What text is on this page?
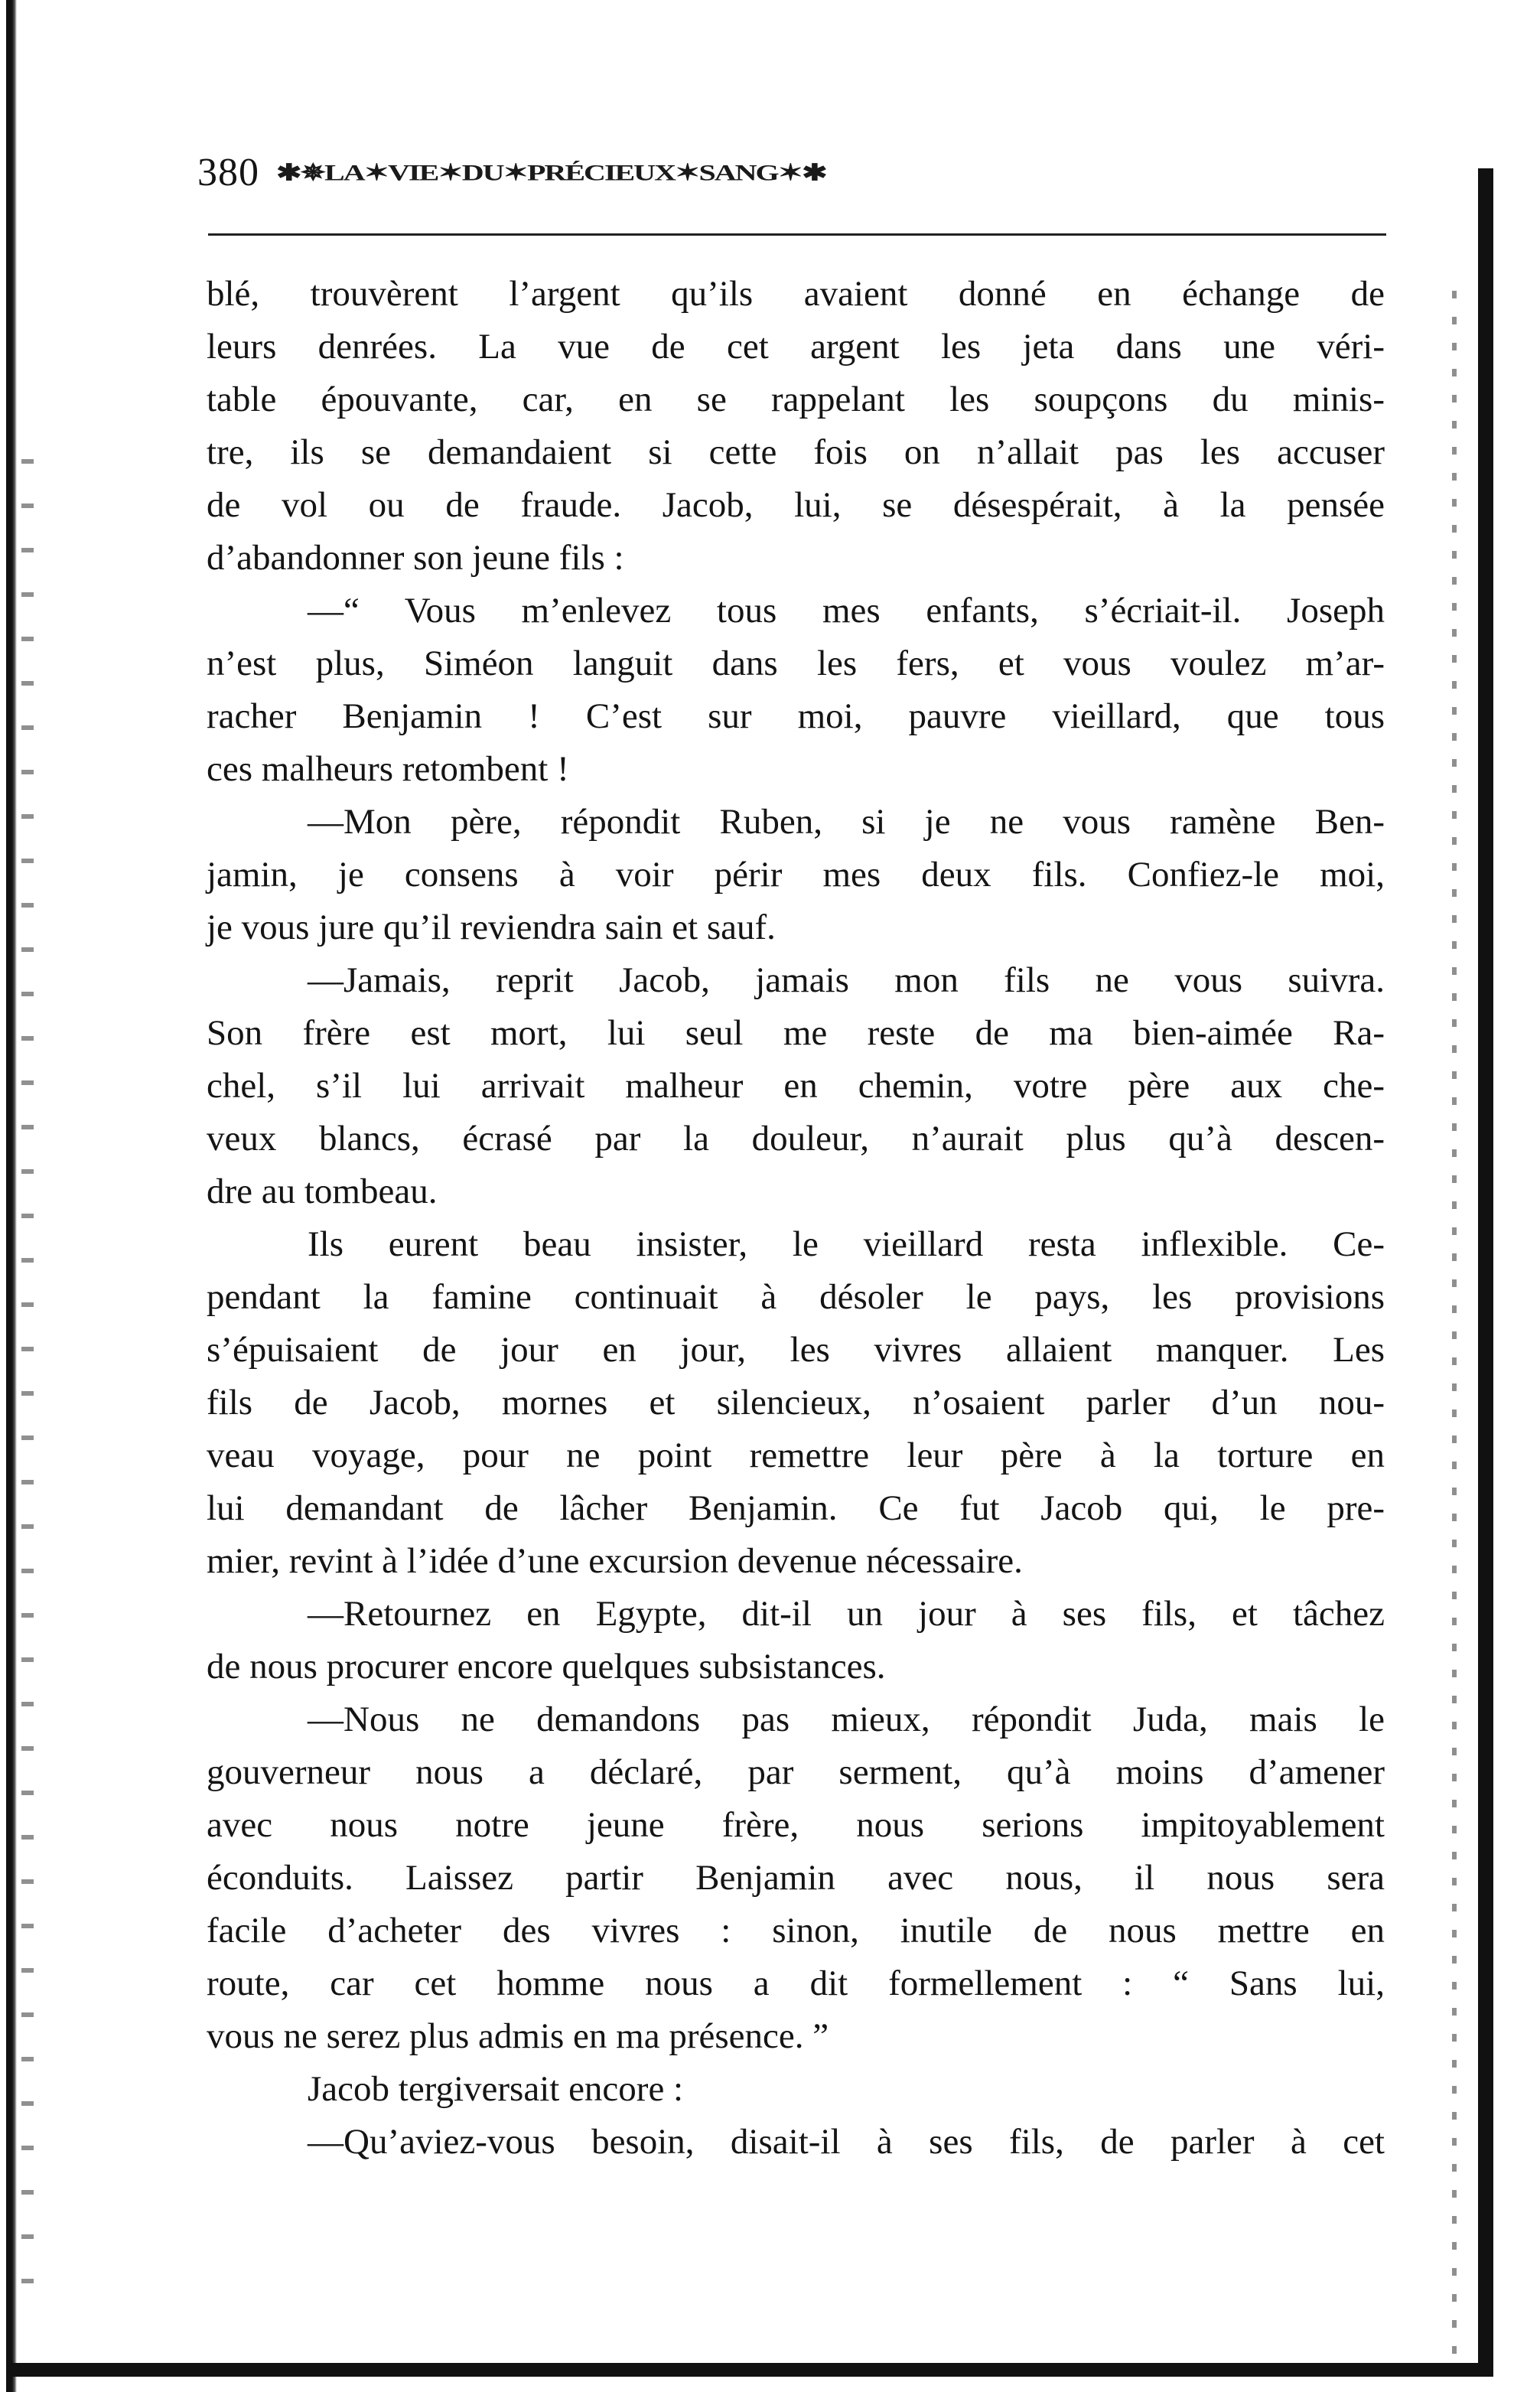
380 ✱✵LA✶VIE✶DU✶PRÉCIEUX✶SANG✶✱
blé, trouvèrent l’argent qu’ils avaient donné en échange de
leurs denrées. La vue de cet argent les jeta dans une véri-
table épouvante, car, en se rappelant les soupçons du minis-
tre, ils se demandaient si cette fois on n’allait pas les accuser
de vol ou de fraude. Jacob, lui, se désespérait, à la pensée
d’abandonner son jeune fils :
—“ Vous m’enlevez tous mes enfants, s’écriait-il. Joseph
n’est plus, Siméon languit dans les fers, et vous voulez m’ar-
racher Benjamin ! C’est sur moi, pauvre vieillard, que tous
ces malheurs retombent !
—Mon père, répondit Ruben, si je ne vous ramène Ben-
jamin, je consens à voir périr mes deux fils. Confiez-le moi,
je vous jure qu’il reviendra sain et sauf.
—Jamais, reprit Jacob, jamais mon fils ne vous suivra.
Son frère est mort, lui seul me reste de ma bien-aimée Ra-
chel, s’il lui arrivait malheur en chemin, votre père aux che-
veux blancs, écrasé par la douleur, n’aurait plus qu’à descen-
dre au tombeau.
Ils eurent beau insister, le vieillard resta inflexible. Ce-
pendant la famine continuait à désoler le pays, les provisions
s’épuisaient de jour en jour, les vivres allaient manquer. Les
fils de Jacob, mornes et silencieux, n’osaient parler d’un nou-
veau voyage, pour ne point remettre leur père à la torture en
lui demandant de lâcher Benjamin. Ce fut Jacob qui, le pre-
mier, revint à l’idée d’une excursion devenue nécessaire.
—Retournez en Egypte, dit-il un jour à ses fils, et tâchez
de nous procurer encore quelques subsistances.
—Nous ne demandons pas mieux, répondit Juda, mais le
gouverneur nous a déclaré, par serment, qu’à moins d’amener
avec nous notre jeune frère, nous serions impitoyablement
éconduits. Laissez partir Benjamin avec nous, il nous sera
facile d’acheter des vivres : sinon, inutile de nous mettre en
route, car cet homme nous a dit formellement : “ Sans lui,
vous ne serez plus admis en ma présence. ”
Jacob tergiversait encore :
—Qu’aviez-vous besoin, disait-il à ses fils, de parler à cet
